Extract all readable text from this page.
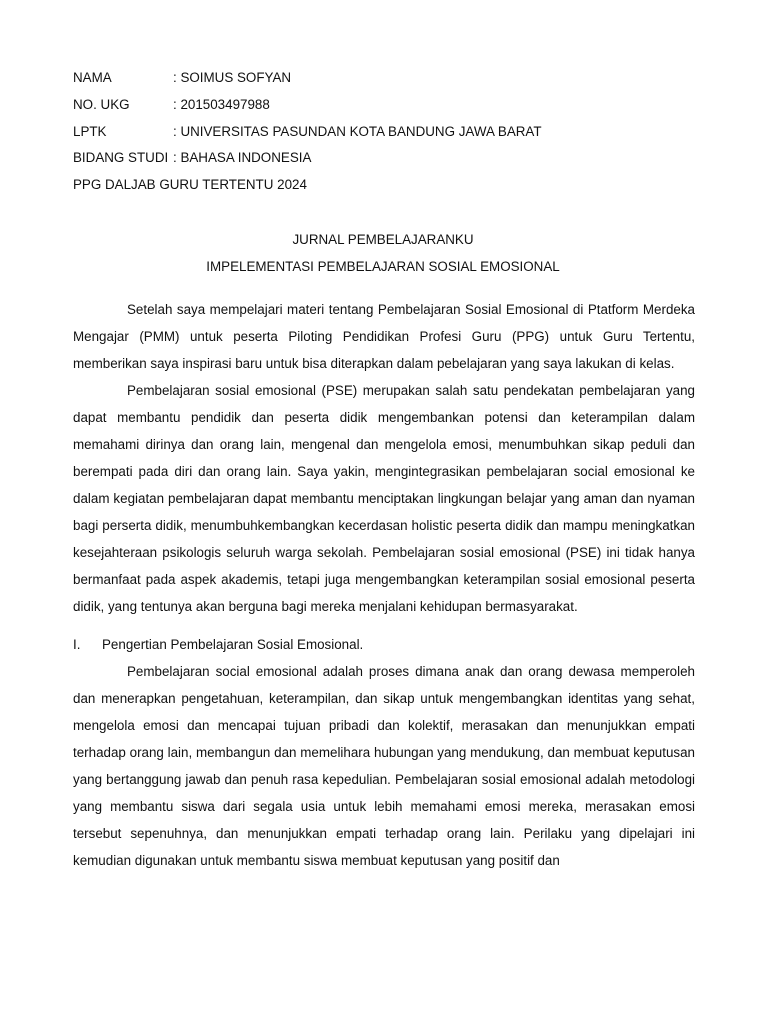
NAMA	: SOIMUS SOFYAN
NO. UKG	: 201503497988
LPTK	: UNIVERSITAS PASUNDAN KOTA BANDUNG JAWA BARAT
BIDANG STUDI : BAHASA INDONESIA
PPG DALJAB GURU TERTENTU 2024
JURNAL PEMBELAJARANKU
IMPELEMENTASI PEMBELAJARAN SOSIAL EMOSIONAL

Setelah saya mempelajari materi tentang Pembelajaran Sosial Emosional di Ptatform Merdeka Mengajar (PMM) untuk peserta Piloting Pendidikan Profesi Guru (PPG) untuk Guru Tertentu, memberikan saya inspirasi baru untuk bisa diterapkan dalam pebelajaran yang saya lakukan di kelas.

Pembelajaran sosial emosional (PSE) merupakan salah satu pendekatan pembelajaran yang dapat membantu pendidik dan peserta didik mengembankan potensi dan keterampilan dalam memahami dirinya dan orang lain, mengenal dan mengelola emosi, menumbuhkan sikap peduli dan berempati pada diri dan orang lain. Saya yakin, mengintegrasikan pembelajaran social emosional ke dalam kegiatan pembelajaran dapat membantu menciptakan lingkungan belajar yang aman dan nyaman bagi perserta didik, menumbuhkembangkan kecerdasan holistic peserta didik dan mampu meningkatkan kesejahteraan psikologis seluruh warga sekolah. Pembelajaran sosial emosional (PSE) ini tidak hanya bermanfaat pada aspek akademis, tetapi juga mengembangkan keterampilan sosial emosional peserta didik, yang tentunya akan berguna bagi mereka menjalani kehidupan bermasyarakat.

I. Pengertian Pembelajaran Sosial Emosional.

Pembelajaran social emosional adalah proses dimana anak dan orang dewasa memperoleh dan menerapkan pengetahuan, keterampilan, dan sikap untuk mengembangkan identitas yang sehat, mengelola emosi dan mencapai tujuan pribadi dan kolektif, merasakan dan menunjukkan empati terhadap orang lain, membangun dan memelihara hubungan yang mendukung, dan membuat keputusan yang bertanggung jawab dan penuh rasa kepedulian. Pembelajaran sosial emosional adalah metodologi yang membantu siswa dari segala usia untuk lebih memahami emosi mereka, merasakan emosi tersebut sepenuhnya, dan menunjukkan empati terhadap orang lain. Perilaku yang dipelajari ini kemudian digunakan untuk membantu siswa membuat keputusan yang positif dan
